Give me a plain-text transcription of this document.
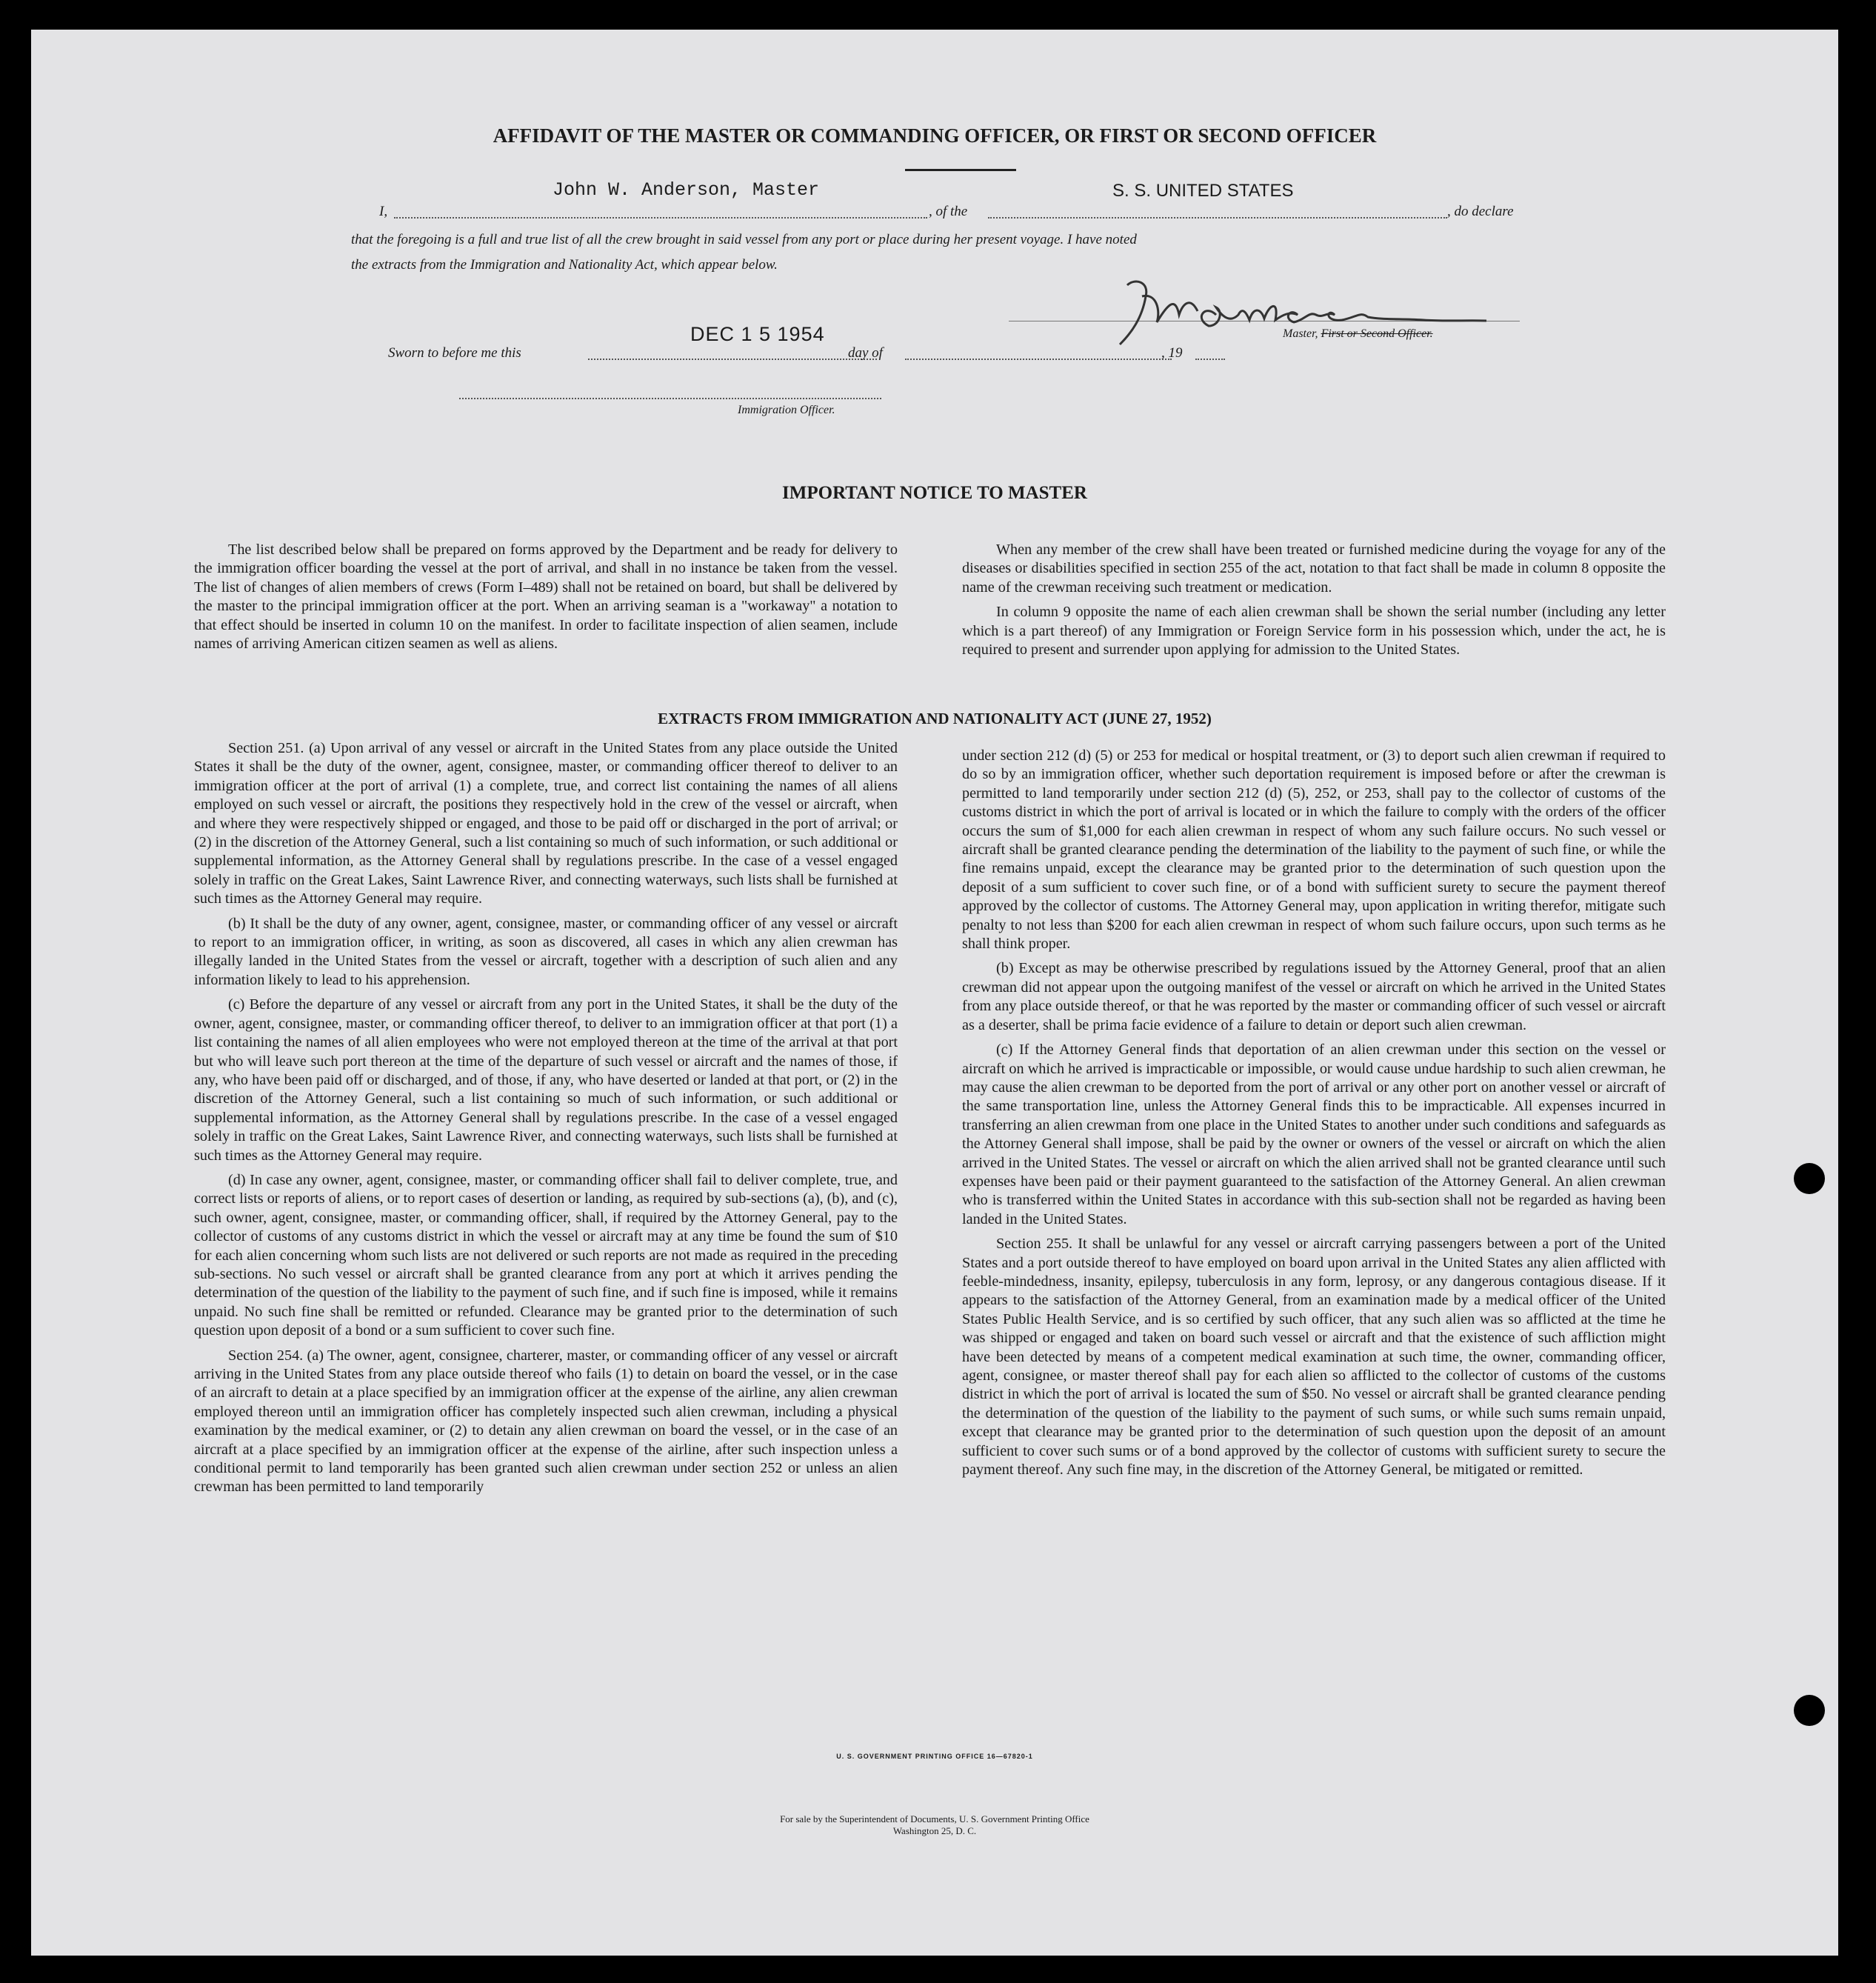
AFFIDAVIT OF THE MASTER OR COMMANDING OFFICER, OR FIRST OR SECOND OFFICER
I,
John W. Anderson, Master
, of the
S. S. UNITED STATES
, do declare
that the foregoing is a full and true list of all the crew brought in said vessel from any port or place during her present voyage. I have noted
the extracts from the Immigration and Nationality Act, which appear below.
Master, First or Second Officer.
Sworn to before me this
DEC 1 5 1954
day of	, 19
Immigration Officer.
IMPORTANT NOTICE TO MASTER

The list described below shall be prepared on forms approved by the Department and be ready for delivery to the immigration officer boarding the vessel at the port of arrival, and shall in no instance be taken from the vessel. The list of changes of alien members of crews (Form I–489) shall not be retained on board, but shall be delivered by the master to the principal immigration officer at the port. When an arriving seaman is a "workaway" a notation to that effect should be inserted in column 10 on the manifest. In order to facilitate inspection of alien seamen, include names of arriving American citizen seamen as well as aliens.

When any member of the crew shall have been treated or furnished medicine during the voyage for any of the diseases or disabilities specified in section 255 of the act, notation to that fact shall be made in column 8 opposite the name of the crewman receiving such treatment or medication.

In column 9 opposite the name of each alien crewman shall be shown the serial number (including any letter which is a part thereof) of any Immigration or Foreign Service form in his possession which, under the act, he is required to present and surrender upon applying for admission to the United States.

EXTRACTS FROM IMMIGRATION AND NATIONALITY ACT (JUNE 27, 1952)

Section 251. (a) Upon arrival of any vessel or aircraft in the United States from any place outside the United States it shall be the duty of the owner, agent, consignee, master, or commanding officer thereof to deliver to an immigration officer at the port of arrival (1) a complete, true, and correct list containing the names of all aliens employed on such vessel or aircraft, the positions they respectively hold in the crew of the vessel or aircraft, when and where they were respectively shipped or engaged, and those to be paid off or discharged in the port of arrival; or (2) in the discretion of the Attorney General, such a list containing so much of such information, or such additional or supplemental information, as the Attorney General shall by regulations prescribe. In the case of a vessel engaged solely in traffic on the Great Lakes, Saint Lawrence River, and connecting waterways, such lists shall be furnished at such times as the Attorney General may require.

(b) It shall be the duty of any owner, agent, consignee, master, or commanding officer of any vessel or aircraft to report to an immigration officer, in writing, as soon as discovered, all cases in which any alien crewman has illegally landed in the United States from the vessel or aircraft, together with a description of such alien and any information likely to lead to his apprehension.

(c) Before the departure of any vessel or aircraft from any port in the United States, it shall be the duty of the owner, agent, consignee, master, or commanding officer thereof, to deliver to an immigration officer at that port (1) a list containing the names of all alien employees who were not employed thereon at the time of the arrival at that port but who will leave such port thereon at the time of the departure of such vessel or aircraft and the names of those, if any, who have been paid off or discharged, and of those, if any, who have deserted or landed at that port, or (2) in the discretion of the Attorney General, such a list containing so much of such information, or such additional or supplemental information, as the Attorney General shall by regulations prescribe. In the case of a vessel engaged solely in traffic on the Great Lakes, Saint Lawrence River, and connecting waterways, such lists shall be furnished at such times as the Attorney General may require.

(d) In case any owner, agent, consignee, master, or commanding officer shall fail to deliver complete, true, and correct lists or reports of aliens, or to report cases of desertion or landing, as required by sub-sections (a), (b), and (c), such owner, agent, consignee, master, or commanding officer, shall, if required by the Attorney General, pay to the collector of customs of any customs district in which the vessel or aircraft may at any time be found the sum of $10 for each alien concerning whom such lists are not delivered or such reports are not made as required in the preceding sub-sections. No such vessel or aircraft shall be granted clearance from any port at which it arrives pending the determination of the question of the liability to the payment of such fine, and if such fine is imposed, while it remains unpaid. No such fine shall be remitted or refunded. Clearance may be granted prior to the determination of such question upon deposit of a bond or a sum sufficient to cover such fine.

Section 254. (a) The owner, agent, consignee, charterer, master, or commanding officer of any vessel or aircraft arriving in the United States from any place outside thereof who fails (1) to detain on board the vessel, or in the case of an aircraft to detain at a place specified by an immigration officer at the expense of the airline, any alien crewman employed thereon until an immigration officer has completely inspected such alien crewman, including a physical examination by the medical examiner, or (2) to detain any alien crewman on board the vessel, or in the case of an aircraft at a place specified by an immigration officer at the expense of the airline, after such inspection unless a conditional permit to land temporarily has been granted such alien crewman under section 252 or unless an alien crewman has been permitted to land temporarily

under section 212 (d) (5) or 253 for medical or hospital treatment, or (3) to deport such alien crewman if required to do so by an immigration officer, whether such deportation requirement is imposed before or after the crewman is permitted to land temporarily under section 212 (d) (5), 252, or 253, shall pay to the collector of customs of the customs district in which the port of arrival is located or in which the failure to comply with the orders of the officer occurs the sum of $1,000 for each alien crewman in respect of whom any such failure occurs. No such vessel or aircraft shall be granted clearance pending the determination of the liability to the payment of such fine, or while the fine remains unpaid, except the clearance may be granted prior to the determination of such question upon the deposit of a sum sufficient to cover such fine, or of a bond with sufficient surety to secure the payment thereof approved by the collector of customs. The Attorney General may, upon application in writing therefor, mitigate such penalty to not less than $200 for each alien crewman in respect of whom such failure occurs, upon such terms as he shall think proper.

(b) Except as may be otherwise prescribed by regulations issued by the Attorney General, proof that an alien crewman did not appear upon the outgoing manifest of the vessel or aircraft on which he arrived in the United States from any place outside thereof, or that he was reported by the master or commanding officer of such vessel or aircraft as a deserter, shall be prima facie evidence of a failure to detain or deport such alien crewman.

(c) If the Attorney General finds that deportation of an alien crewman under this section on the vessel or aircraft on which he arrived is impracticable or impossible, or would cause undue hardship to such alien crewman, he may cause the alien crewman to be deported from the port of arrival or any other port on another vessel or aircraft of the same transportation line, unless the Attorney General finds this to be impracticable. All expenses incurred in transferring an alien crewman from one place in the United States to another under such conditions and safeguards as the Attorney General shall impose, shall be paid by the owner or owners of the vessel or aircraft on which the alien arrived in the United States. The vessel or aircraft on which the alien arrived shall not be granted clearance until such expenses have been paid or their payment guaranteed to the satisfaction of the Attorney General. An alien crewman who is transferred within the United States in accordance with this sub-section shall not be regarded as having been landed in the United States.

Section 255. It shall be unlawful for any vessel or aircraft carrying passengers between a port of the United States and a port outside thereof to have employed on board upon arrival in the United States any alien afflicted with feeble-mindedness, insanity, epilepsy, tuberculosis in any form, leprosy, or any dangerous contagious disease. If it appears to the satisfaction of the Attorney General, from an examination made by a medical officer of the United States Public Health Service, and is so certified by such officer, that any such alien was so afflicted at the time he was shipped or engaged and taken on board such vessel or aircraft and that the existence of such affliction might have been detected by means of a competent medical examination at such time, the owner, commanding officer, agent, consignee, or master thereof shall pay for each alien so afflicted to the collector of customs of the customs district in which the port of arrival is located the sum of $50. No vessel or aircraft shall be granted clearance pending the determination of the question of the liability to the payment of such sums, or while such sums remain unpaid, except that clearance may be granted prior to the determination of such question upon the deposit of an amount sufficient to cover such sums or of a bond approved by the collector of customs with sufficient surety to secure the payment thereof. Any such fine may, in the discretion of the Attorney General, be mitigated or remitted.

U. S. GOVERNMENT PRINTING OFFICE 16—67820-1
For sale by the Superintendent of Documents, U. S. Government Printing Office
Washington 25, D. C.
